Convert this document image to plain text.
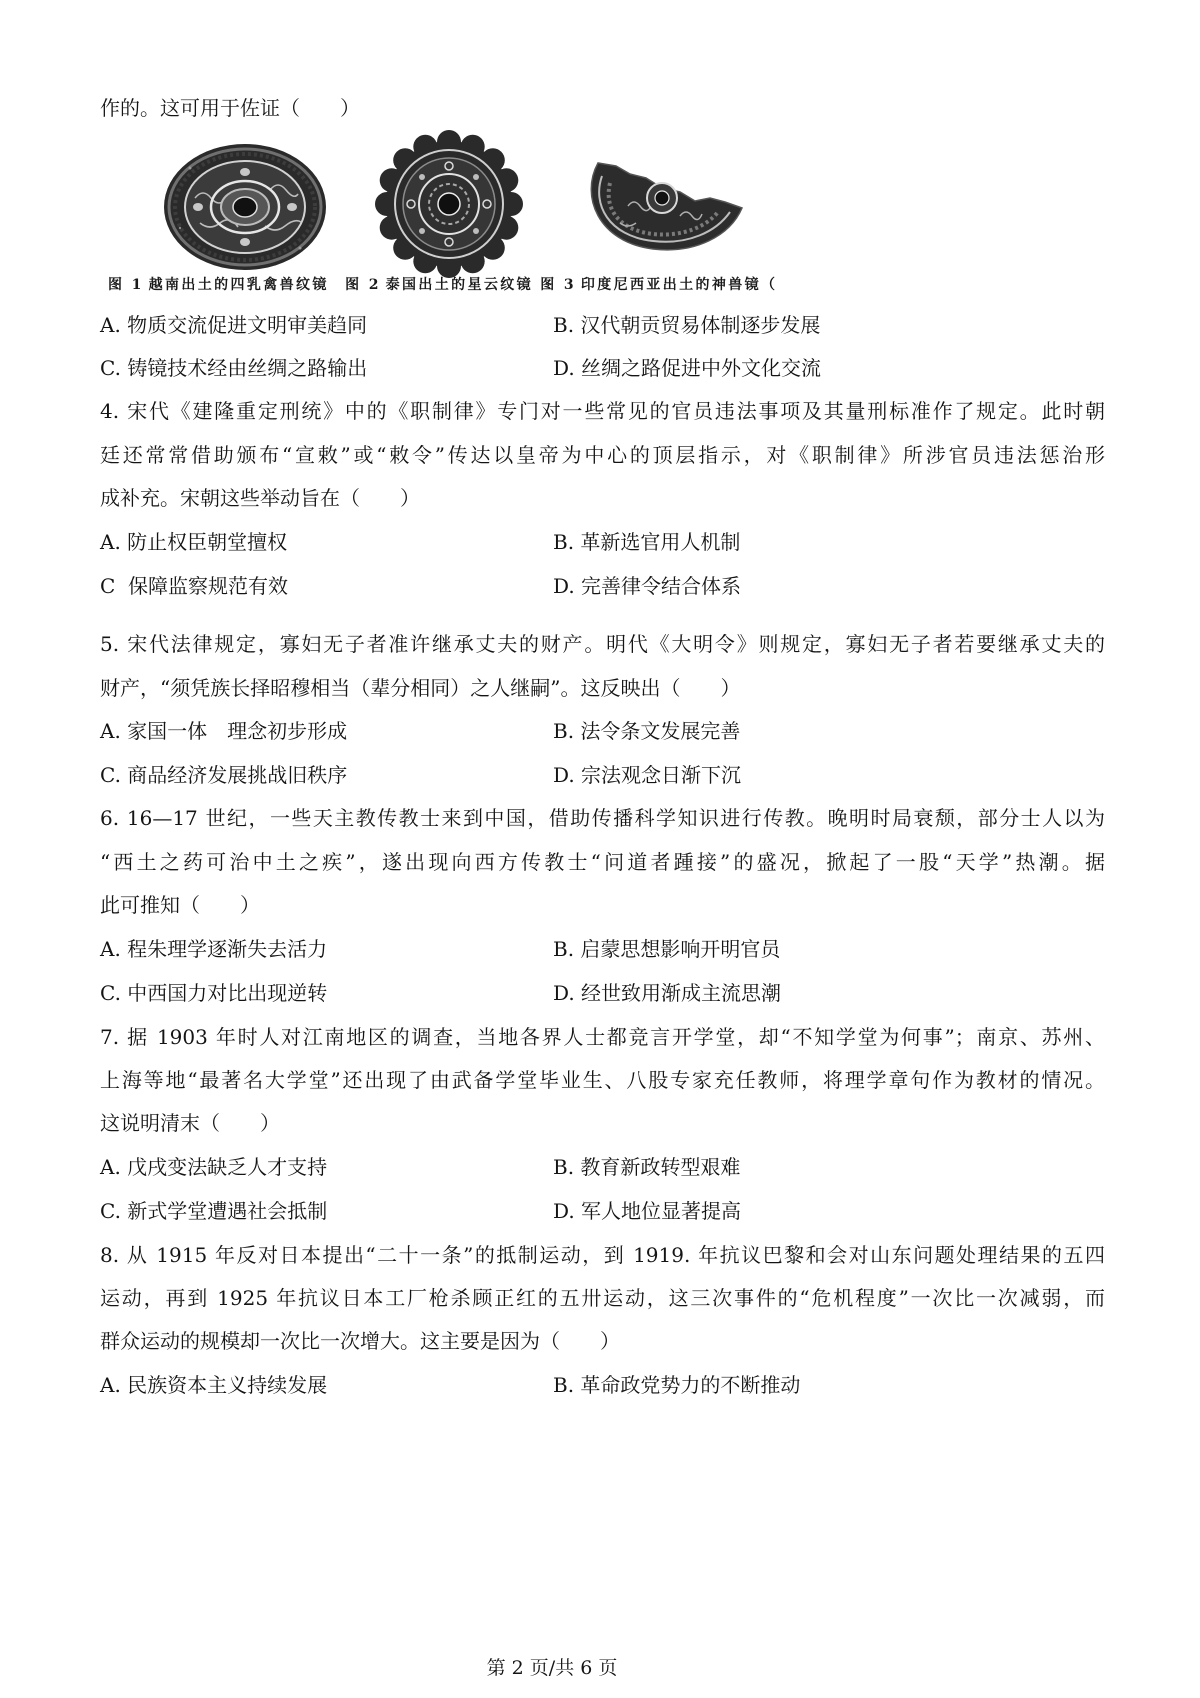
作的。这可用于佐证（　　）
图 1 越南出土的四乳禽兽纹镜　图 2 泰国出土的星云纹镜 图 3 印度尼西亚出土的神兽镜（
A. 物质交流促进文明审美趋同	B. 汉代朝贡贸易体制逐步发展
C. 铸镜技术经由丝绸之路输出	D. 丝绸之路促进中外文化交流
4. 宋代《建隆重定刑统》中的《职制律》专门对一些常见的官员违法事项及其量刑标准作了规定。此时朝
廷还常常借助颁布“宣敕”或“敕令”传达以皇帝为中心的顶层指示，对《职制律》所涉官员违法惩治形
成补充。宋朝这些举动旨在（　　）
A. 防止权臣朝堂擅权	B. 革新选官用人机制
C  保障监察规范有效	D. 完善律令结合体系
5. 宋代法律规定，寡妇无子者准许继承丈夫的财产。明代《大明令》则规定，寡妇无子者若要继承丈夫的
财产，“须凭族长择昭穆相当（辈分相同）之人继嗣”。这反映出（　　）
A. 家国一体　理念初步形成	B. 法令条文发展完善
C. 商品经济发展挑战旧秩序	D. 宗法观念日渐下沉
6. 16—17 世纪，一些天主教传教士来到中国，借助传播科学知识进行传教。晚明时局衰颓，部分士人以为
“西土之药可治中土之疾”，遂出现向西方传教士“问道者踵接”的盛况，掀起了一股“天学”热潮。据
此可推知（　　）
A. 程朱理学逐渐失去活力	B. 启蒙思想影响开明官员
C. 中西国力对比出现逆转	D. 经世致用渐成主流思潮
7. 据 1903 年时人对江南地区的调查，当地各界人士都竞言开学堂，却“不知学堂为何事”；南京、苏州、
上海等地“最著名大学堂”还出现了由武备学堂毕业生、八股专家充任教师，将理学章句作为教材的情况。
这说明清末（　　）
A. 戊戌变法缺乏人才支持	B. 教育新政转型艰难
C. 新式学堂遭遇社会抵制	D. 军人地位显著提高
8. 从 1915 年反对日本提出“二十一条”的抵制运动，到 1919. 年抗议巴黎和会对山东问题处理结果的五四
运动，再到 1925 年抗议日本工厂枪杀顾正红的五卅运动，这三次事件的“危机程度”一次比一次减弱，而
群众运动的规模却一次比一次增大。这主要是因为（　　）
A. 民族资本主义持续发展	B. 革命政党势力的不断推动
第 2 页/共 6 页
